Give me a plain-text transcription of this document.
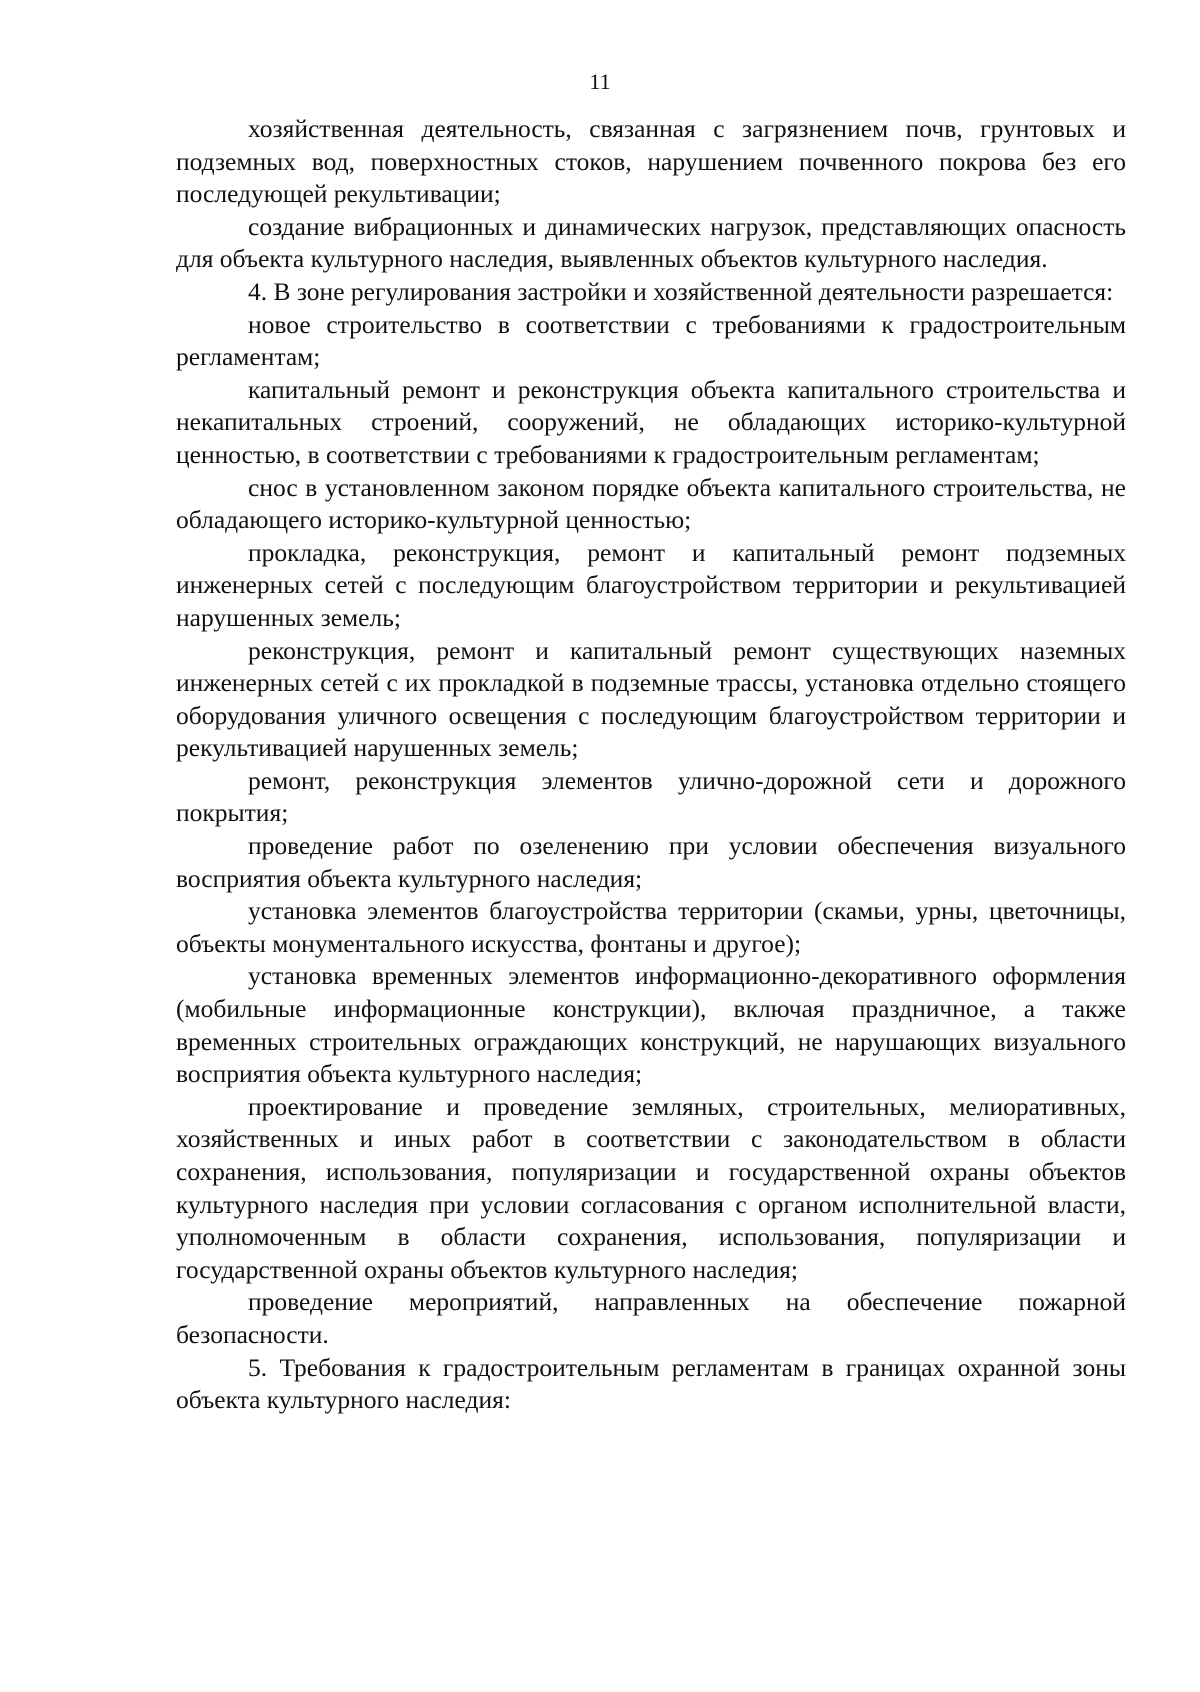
11

хозяйственная деятельность, связанная с загрязнением почв, грунтовых и подземных вод, поверхностных стоков, нарушением почвенного покрова без его последующей рекультивации;

создание вибрационных и динамических нагрузок, представляющих опасность для объекта культурного наследия, выявленных объектов культурного наследия.

4. В зоне регулирования застройки и хозяйственной деятельности разрешается:

новое строительство в соответствии с требованиями к градостроительным регламентам;

капитальный ремонт и реконструкция объекта капитального строительства и некапитальных строений, сооружений, не обладающих историко-культурной ценностью, в соответствии с требованиями к градостроительным регламентам;

снос в установленном законом порядке объекта капитального строительства, не обладающего историко-культурной ценностью;

прокладка, реконструкция, ремонт и капитальный ремонт подземных инженерных сетей с последующим благоустройством территории и рекультивацией нарушенных земель;

реконструкция, ремонт и капитальный ремонт существующих наземных инженерных сетей с их прокладкой в подземные трассы, установка отдельно стоящего оборудования уличного освещения с последующим благоустройством территории и рекультивацией нарушенных земель;

ремонт, реконструкция элементов улично-дорожной сети и дорожного покрытия;

проведение работ по озеленению при условии обеспечения визуального восприятия объекта культурного наследия;

установка элементов благоустройства территории (скамьи, урны, цветочницы, объекты монументального искусства, фонтаны и другое);

установка временных элементов информационно-декоративного оформления (мобильные информационные конструкции), включая праздничное, а также временных строительных ограждающих конструкций, не нарушающих визуального восприятия объекта культурного наследия;

проектирование и проведение земляных, строительных, мелиоративных, хозяйственных и иных работ в соответствии с законодательством в области сохранения, использования, популяризации и государственной охраны объектов культурного наследия при условии согласования с органом исполнительной власти, уполномоченным в области сохранения, использования, популяризации и государственной охраны объектов культурного наследия;

проведение мероприятий, направленных на обеспечение пожарной безопасности.

5. Требования к градостроительным регламентам в границах охранной зоны объекта культурного наследия:
